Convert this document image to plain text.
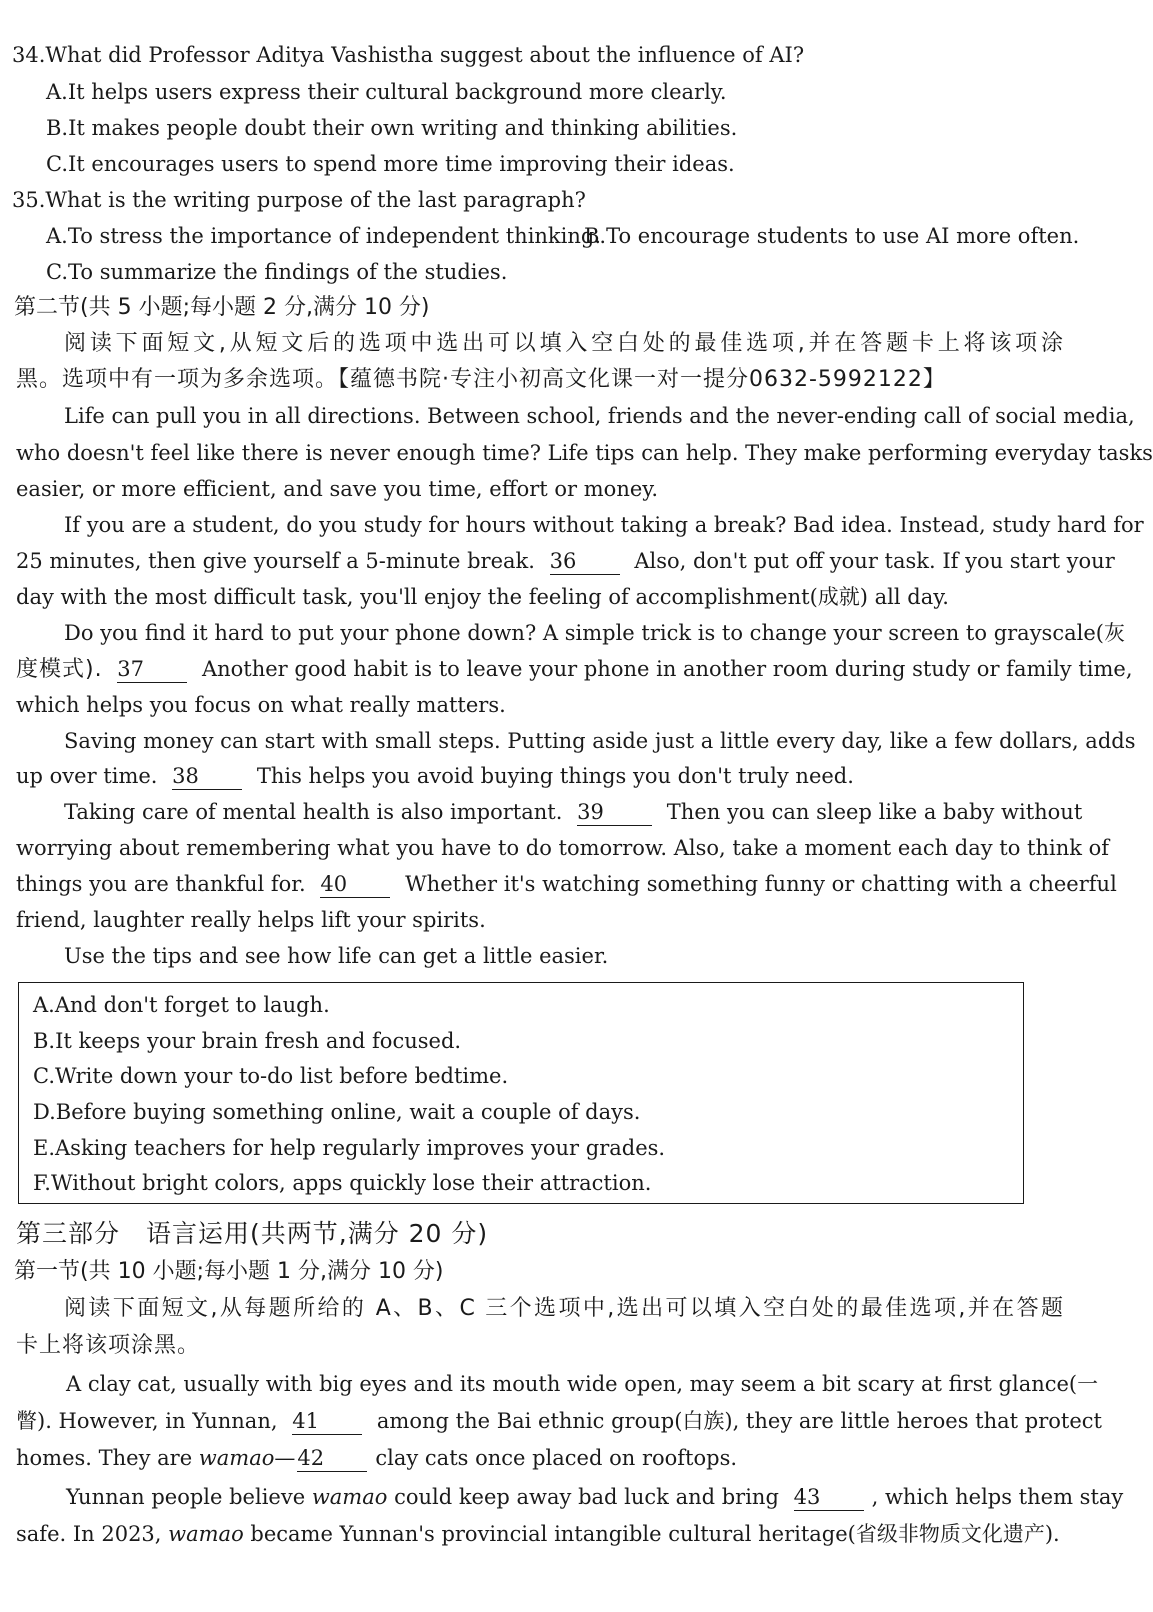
34.What did Professor Aditya Vashistha suggest about the influence of AI?
A.It helps users express their cultural background more clearly.
B.It makes people doubt their own writing and thinking abilities.
C.It encourages users to spend more time improving their ideas.
35.What is the writing purpose of the last paragraph?
A.To stress the importance of independent thinking.
B.To encourage students to use AI more often.
C.To summarize the findings of the studies.
第二节(共 5 小题;每小题 2 分,满分 10 分)
阅读下面短文,从短文后的选项中选出可以填入空白处的最佳选项,并在答题卡上将该项涂
黑。选项中有一项为多余选项。【蕴德书院·专注小初高文化课一对一提分0632-5992122】
Life can pull you in all directions. Between school, friends and the never-ending call of social media,
who doesn't feel like there is never enough time? Life tips can help. They make performing everyday tasks
easier, or more efficient, and save you time, effort or money.
If you are a student, do you study for hours without taking a break? Bad idea. Instead, study hard for
25 minutes, then give yourself a 5-minute break. 36	Also, don't put off your task. If you start your
day with the most difficult task, you'll enjoy the feeling of accomplishment(成就) all day.
Do you find it hard to put your phone down? A simple trick is to change your screen to grayscale(灰
度模式). 37	Another good habit is to leave your phone in another room during study or family time,
which helps you focus on what really matters.
Saving money can start with small steps. Putting aside just a little every day, like a few dollars, adds
up over time. 38	This helps you avoid buying things you don't truly need.
Taking care of mental health is also important. 39	Then you can sleep like a baby without
worrying about remembering what you have to do tomorrow. Also, take a moment each day to think of
things you are thankful for. 40	Whether it's watching something funny or chatting with a cheerful
friend, laughter really helps lift your spirits.
Use the tips and see how life can get a little easier.
A.And don't forget to laugh.
B.It keeps your brain fresh and focused.
C.Write down your to-do list before bedtime.
D.Before buying something online, wait a couple of days.
E.Asking teachers for help regularly improves your grades.
F.Without bright colors, apps quickly lose their attraction.
第三部分　语言运用(共两节,满分 20 分)
第一节(共 10 小题;每小题 1 分,满分 10 分)
阅读下面短文,从每题所给的 A、B、C 三个选项中,选出可以填入空白处的最佳选项,并在答题
卡上将该项涂黑。
A clay cat, usually with big eyes and its mouth wide open, may seem a bit scary at first glance(一
瞥). However, in Yunnan, 41	among the Bai ethnic group(白族), they are little heroes that protect
homes. They are wamao—42 clay cats once placed on rooftops.
Yunnan people believe wamao could keep away bad luck and bring 43 , which helps them stay
safe. In 2023, wamao became Yunnan's provincial intangible cultural heritage(省级非物质文化遗产).
